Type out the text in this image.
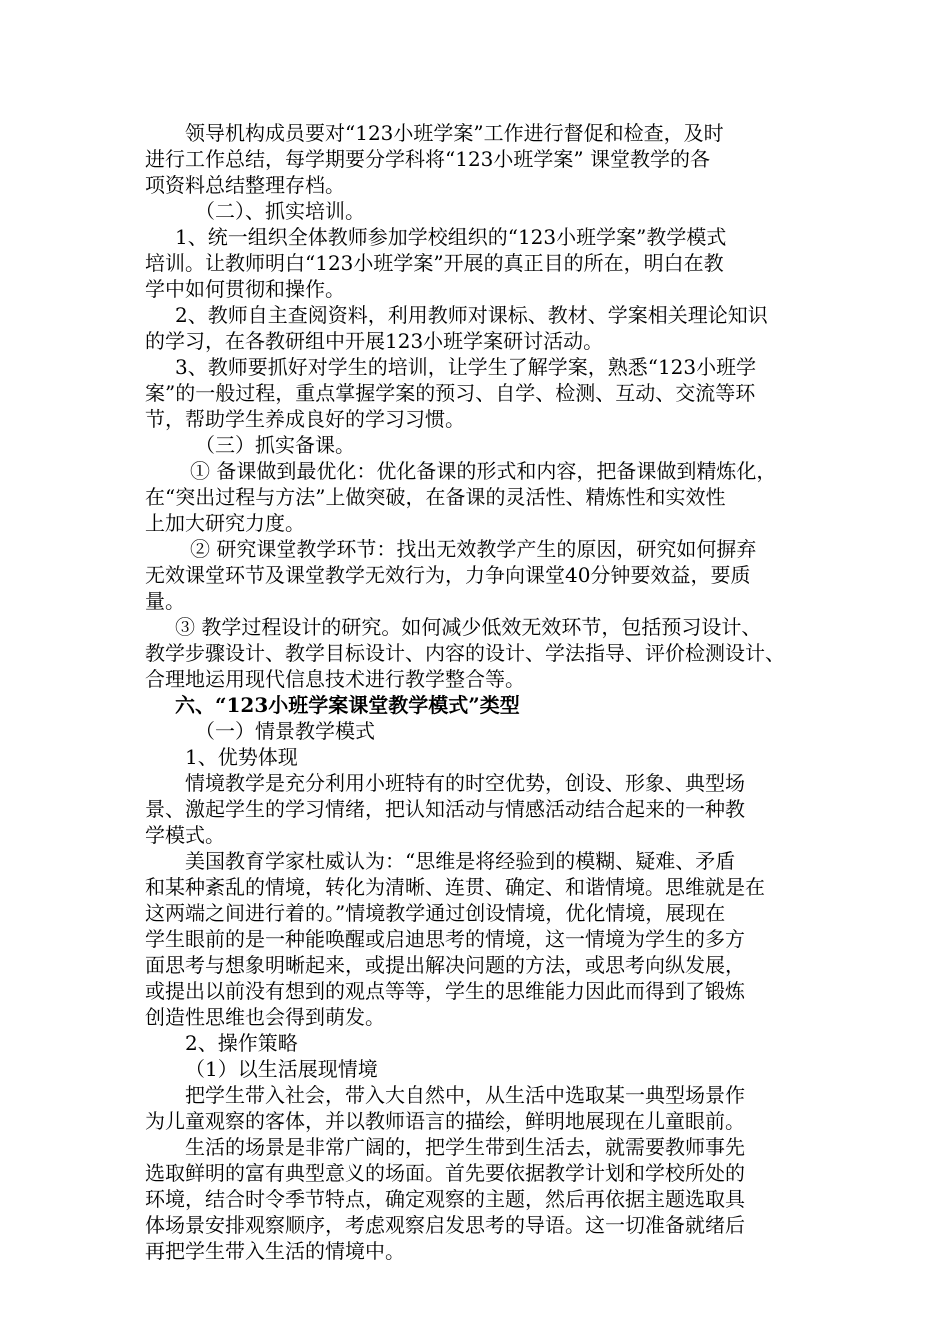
领导机构成员要对“123小班学案”工作进行督促和检查，及时
进行工作总结，每学期要分学科将“123小班学案” 课堂教学的各
项资料总结整理存档。
（二）、抓实培训。
1、统一组织全体教师参加学校组织的“123小班学案”教学模式
培训。让教师明白“123小班学案”开展的真正目的所在，明白在教
学中如何贯彻和操作。
2、教师自主查阅资料，利用教师对课标、教材、学案相关理论知识
的学习，在各教研组中开展123小班学案研讨活动。
3、教师要抓好对学生的培训，让学生了解学案，熟悉“123小班学
案”的一般过程，重点掌握学案的预习、自学、检测、互动、交流等环
节，帮助学生养成良好的学习习惯。
（三）抓实备课。
① 备课做到最优化：优化备课的形式和内容，把备课做到精炼化，
在“突出过程与方法”上做突破，在备课的灵活性、精炼性和实效性
上加大研究力度。
② 研究课堂教学环节：找出无效教学产生的原因，研究如何摒弃
无效课堂环节及课堂教学无效行为，力争向课堂40分钟要效益，要质
量。
③ 教学过程设计的研究。如何减少低效无效环节，包括预习设计、
教学步骤设计、教学目标设计、内容的设计、学法指导、评价检测设计、
合理地运用现代信息技术进行教学整合等。
六、“123小班学案课堂教学模式”类型
（一）情景教学模式
1、优势体现
情境教学是充分利用小班特有的时空优势，创设、形象、典型场
景、激起学生的学习情绪，把认知活动与情感活动结合起来的一种教
学模式。
美国教育学家杜威认为：“思维是将经验到的模糊、疑难、矛盾
和某种紊乱的情境，转化为清晰、连贯、确定、和谐情境。思维就是在
这两端之间进行着的。”情境教学通过创设情境，优化情境，展现在
学生眼前的是一种能唤醒或启迪思考的情境，这一情境为学生的多方
面思考与想象明晰起来，或提出解决问题的方法，或思考向纵发展，
或提出以前没有想到的观点等等，学生的思维能力因此而得到了锻炼
创造性思维也会得到萌发。
2、操作策略
（1）以生活展现情境
把学生带入社会，带入大自然中，从生活中选取某一典型场景作
为儿童观察的客体，并以教师语言的描绘，鲜明地展现在儿童眼前。
生活的场景是非常广阔的，把学生带到生活去，就需要教师事先
选取鲜明的富有典型意义的场面。首先要依据教学计划和学校所处的
环境，结合时令季节特点，确定观察的主题，然后再依据主题选取具
体场景安排观察顺序，考虑观察启发思考的导语。这一切准备就绪后
再把学生带入生活的情境中。
